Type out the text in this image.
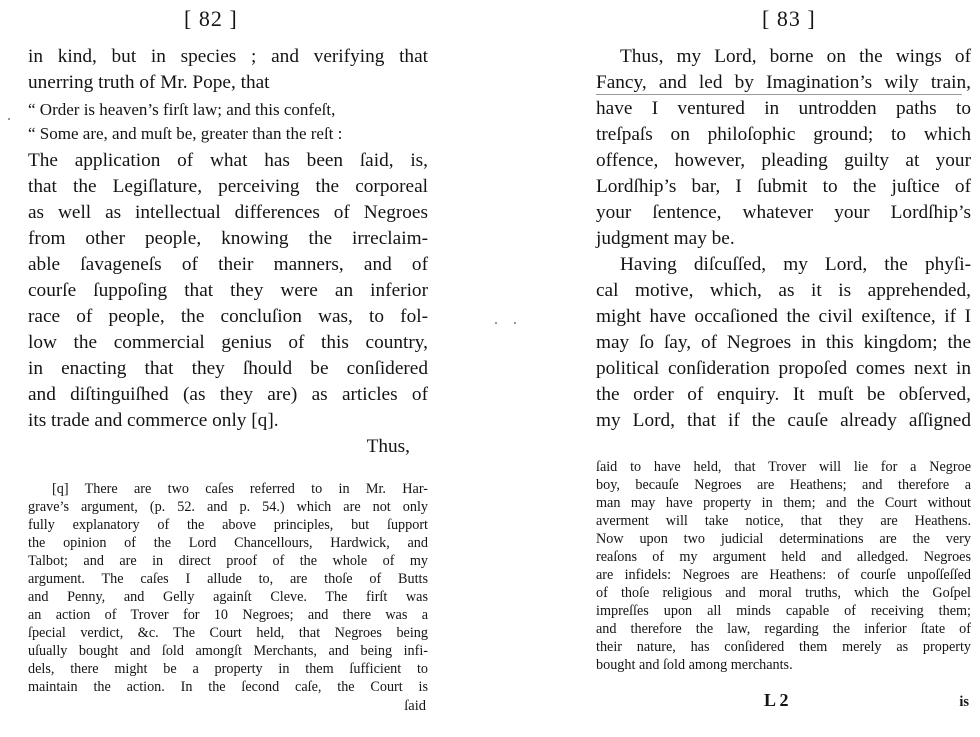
[ 82 ]
in kind, but in species ; and verifying that
unerring truth of Mr. Pope, that
“ Order is heaven’s firſt law; and this confeſt,
“ Some are, and muſt be, greater than the reſt :
The application of what has been ſaid, is,
that the Legiſlature, perceiving the corporeal
as well as intellectual differences of Negroes
from other people, knowing the irreclaim-
able ſavageneſs of their manners, and of
courſe ſuppoſing that they were an inferior
race of people, the concluſion was, to fol-
low the commercial genius of this country,
in enacting that they ſhould be conſidered
and diſtinguiſhed (as they are) as articles of
its trade and commerce only [q].
Thus,
[q] There are two caſes referred to in Mr. Har-
grave’s argument, (p. 52. and p. 54.) which are not only
fully explanatory of the above principles, but ſupport
the opinion of the Lord Chancellours, Hardwick, and
Talbot; and are in direct proof of the whole of my
argument. The caſes I allude to, are thoſe of Butts
and Penny, and Gelly againſt Cleve. The firſt was
an action of Trover for 10 Negroes; and there was a
ſpecial verdict, &c. The Court held, that Negroes being
uſually bought and ſold amongſt Merchants, and being infi-
dels, there might be a property in them ſufficient to
maintain the action. In the ſecond caſe, the Court is
ſaid
[ 83 ]
Thus, my Lord, borne on the wings of
Fancy, and led by Imagination’s wily train,
have I ventured in untrodden paths to
treſpaſs on philoſophic ground; to which
offence, however, pleading guilty at your
Lordſhip’s bar, I ſubmit to the juſtice of
your ſentence, whatever your Lordſhip’s
judgment may be.
Having diſcuſſed, my Lord, the phyſi-
cal motive, which, as it is apprehended,
might have occaſioned the civil exiſtence, if I
may ſo ſay, of Negroes in this kingdom; the
political conſideration propoſed comes next in
the order of enquiry. It muſt be obſerved,
my Lord, that if the cauſe already aſſigned
ſaid to have held, that Trover will lie for a Negroe
boy, becauſe Negroes are Heathens; and therefore a
man may have property in them; and the Court without
averment will take notice, that they are Heathens.
Now upon two judicial determinations are the very
reaſons of my argument held and alledged. Negroes
are infidels: Negroes are Heathens: of courſe unpoſſeſſed
of thoſe religious and moral truths, which the Goſpel
impreſſes upon all minds capable of receiving them;
and therefore the law, regarding the inferior ſtate of
their nature, has conſidered them merely as property
bought and ſold among merchants.
L 2	is
